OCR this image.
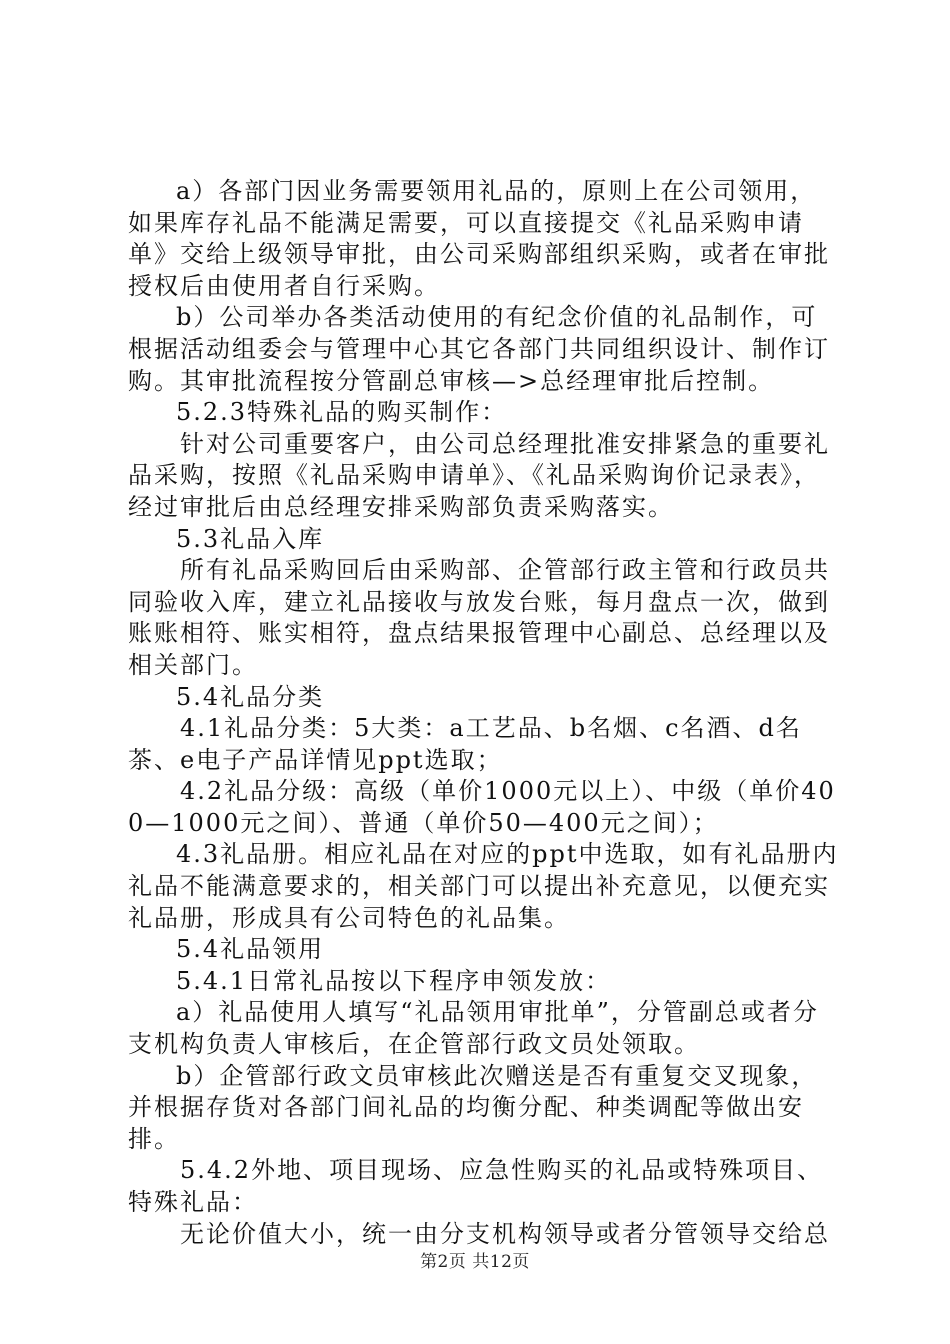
a）各部门因业务需要领用礼品的，原则上在公司领用，如果库存礼品不能满足需要，可以直接提交《礼品采购申请单》交给上级领导审批，由公司采购部组织采购，或者在审批授权后由使用者自行采购。

b）公司举办各类活动使用的有纪念价值的礼品制作，可根据活动组委会与管理中心其它各部门共同组织设计、制作订购。其审批流程按分管副总审核—>总经理审批后控制。

5.2.3特殊礼品的购买制作：

针对公司重要客户，由公司总经理批准安排紧急的重要礼品采购，按照《礼品采购申请单》、《礼品采购询价记录表》，经过审批后由总经理安排采购部负责采购落实。

5.3礼品入库

所有礼品采购回后由采购部、企管部行政主管和行政员共同验收入库，建立礼品接收与放发台账，每月盘点一次，做到账账相符、账实相符，盘点结果报管理中心副总、总经理以及相关部门。

5.4礼品分类

4.1礼品分类：5大类：a工艺品、b名烟、c名酒、d名茶、e电子产品详情见ppt选取；

4.2礼品分级：高级（单价1000元以上）、中级（单价400—1000元之间）、普通（单价50—400元之间）；

4.3礼品册。相应礼品在对应的ppt中选取，如有礼品册内礼品不能满意要求的，相关部门可以提出补充意见，以便充实礼品册，形成具有公司特色的礼品集。

5.4礼品领用

5.4.1日常礼品按以下程序申领发放：

a）礼品使用人填写“礼品领用审批单”，分管副总或者分支机构负责人审核后，在企管部行政文员处领取。

b）企管部行政文员审核此次赠送是否有重复交叉现象，并根据存货对各部门间礼品的均衡分配、种类调配等做出安排。

5.4.2外地、项目现场、应急性购买的礼品或特殊项目、特殊礼品：

无论价值大小，统一由分支机构领导或者分管领导交给总

第2页 共12页
